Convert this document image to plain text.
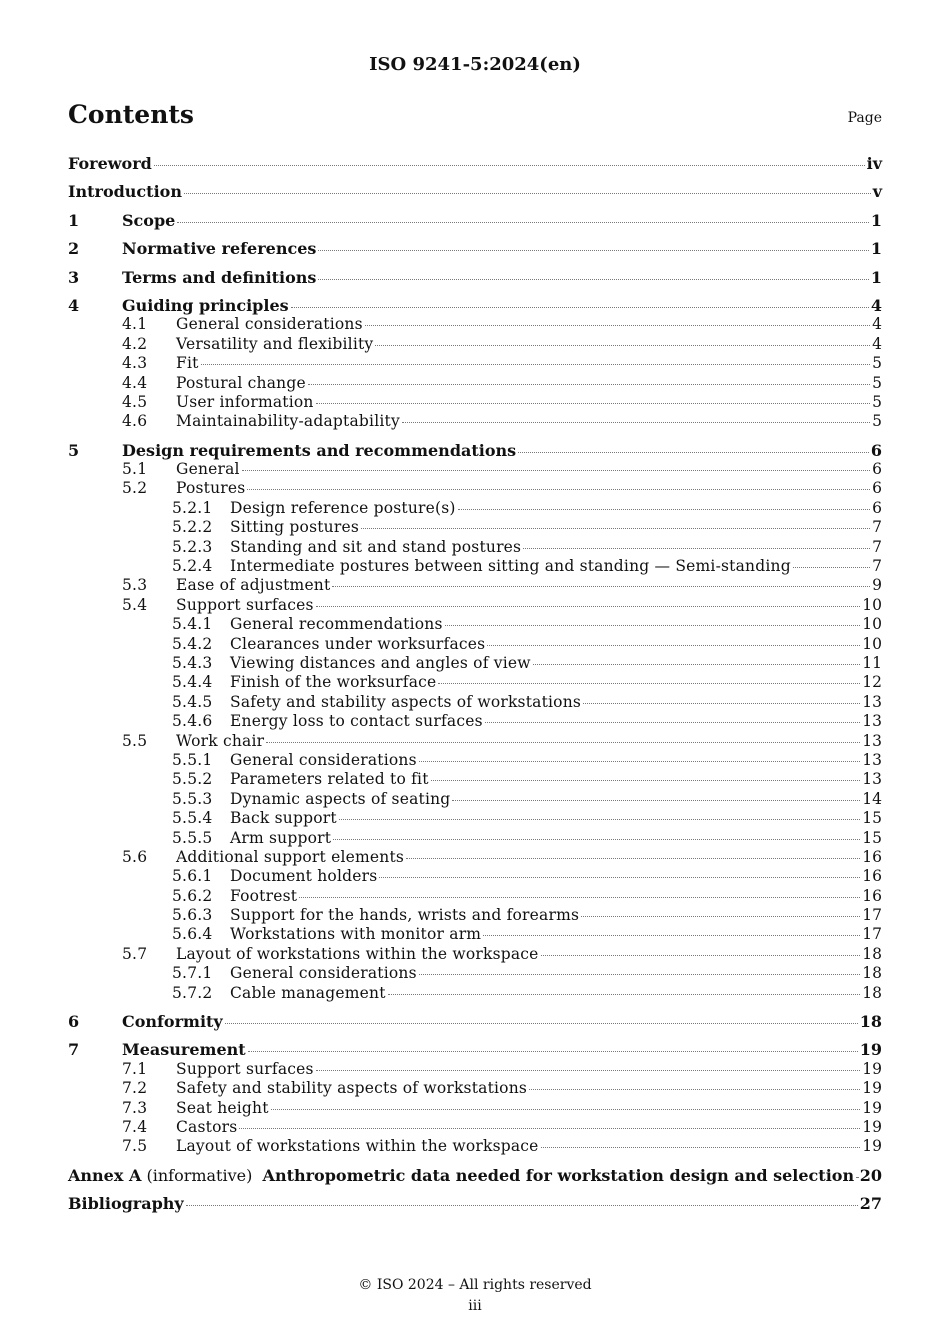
ISO 9241-5:2024(en)
Contents	Page
Foreword	iv
Introduction	v
1	Scope	1
2	Normative references	1
3	Terms and definitions	1
4	Guiding principles	4
4.1	General considerations	4
4.2	Versatility and flexibility	4
4.3	Fit	5
4.4	Postural change	5
4.5	User information	5
4.6	Maintainability-adaptability	5
5	Design requirements and recommendations	6
5.1	General	6
5.2	Postures	6
5.2.1	Design reference posture(s)	6
5.2.2	Sitting postures	7
5.2.3	Standing and sit and stand postures	7
5.2.4	Intermediate postures between sitting and standing — Semi-standing	7
5.3	Ease of adjustment	9
5.4	Support surfaces	10
5.4.1	General recommendations	10
5.4.2	Clearances under worksurfaces	10
5.4.3	Viewing distances and angles of view	11
5.4.4	Finish of the worksurface	12
5.4.5	Safety and stability aspects of workstations	13
5.4.6	Energy loss to contact surfaces	13
5.5	Work chair	13
5.5.1	General considerations	13
5.5.2	Parameters related to fit	13
5.5.3	Dynamic aspects of seating	14
5.5.4	Back support	15
5.5.5	Arm support	15
5.6	Additional support elements	16
5.6.1	Document holders	16
5.6.2	Footrest	16
5.6.3	Support for the hands, wrists and forearms	17
5.6.4	Workstations with monitor arm	17
5.7	Layout of workstations within the workspace	18
5.7.1	General considerations	18
5.7.2	Cable management	18
6	Conformity	18
7	Measurement	19
7.1	Support surfaces	19
7.2	Safety and stability aspects of workstations	19
7.3	Seat height	19
7.4	Castors	19
7.5	Layout of workstations within the workspace	19
Annex A (informative)  Anthropometric data needed for workstation design and selection 20
Bibliography	27
© ISO 2024 – All rights reserved
iii
